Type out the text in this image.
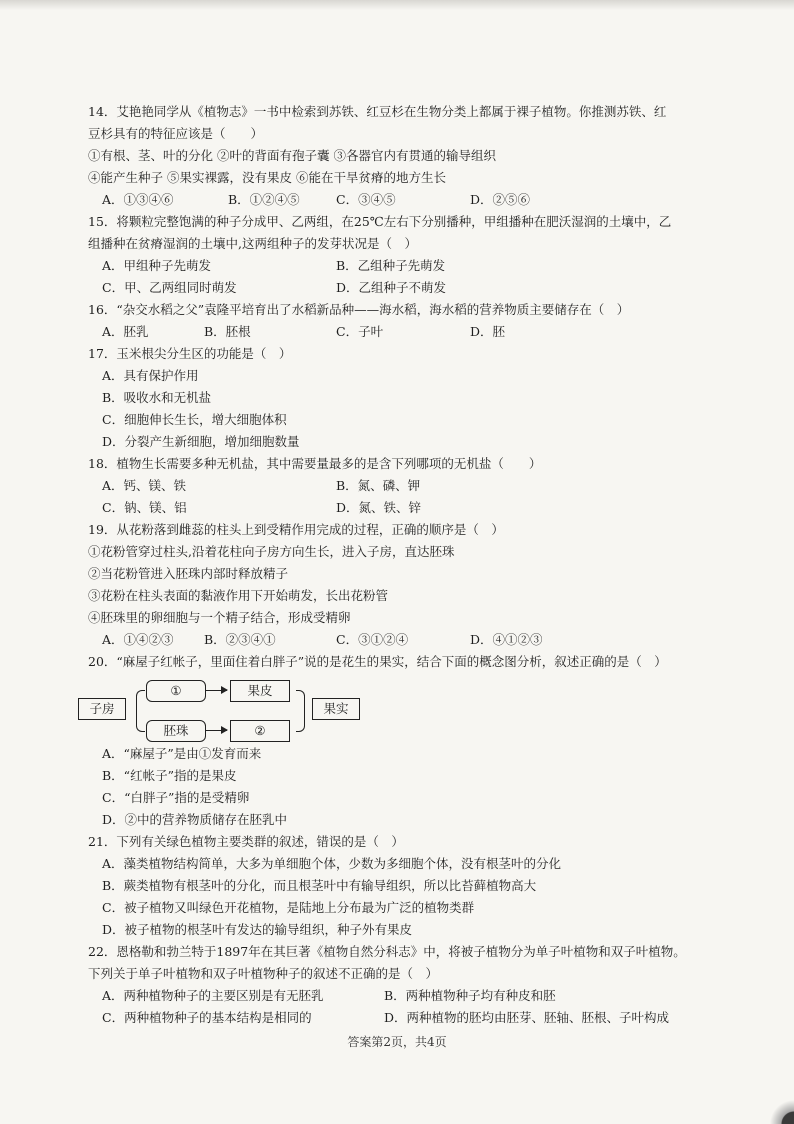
14．艾艳艳同学从《植物志》一书中检索到苏铁、红豆杉在生物分类上都属于裸子植物。你推测苏铁、红
豆杉具有的特征应该是（　　）
①有根、茎、叶的分化 ②叶的背面有孢子囊 ③各器官内有贯通的输导组织
④能产生种子 ⑤果实裸露，没有果皮 ⑥能在干旱贫瘠的地方生长
A．①③④⑥	B．①②④⑤	C．③④⑤	D．②⑤⑥
15．将颗粒完整饱满的种子分成甲、乙两组，在25℃左右下分别播种，甲组播种在肥沃湿润的土壤中，乙
组播种在贫瘠湿润的土壤中,这两组种子的发芽状况是（　）
A．甲组种子先萌发	B．乙组种子先萌发
C．甲、乙两组同时萌发	D．乙组种子不萌发
16．“杂交水稻之父”袁隆平培育出了水稻新品种——海水稻，海水稻的营养物质主要储存在（　）
A．胚乳	B．胚根	C．子叶	D．胚
17．玉米根尖分生区的功能是（　）
A．具有保护作用
B．吸收水和无机盐
C．细胞伸长生长，增大细胞体积
D．分裂产生新细胞，增加细胞数量
18．植物生长需要多种无机盐，其中需要量最多的是含下列哪项的无机盐（　　）
A．钙、镁、铁	B．氮、磷、钾
C．钠、镁、铝	D．氮、铁、锌
19．从花粉落到雌蕊的柱头上到受精作用完成的过程，正确的顺序是（　）
①花粉管穿过柱头,沿着花柱向子房方向生长，进入子房，直达胚珠
②当花粉管进入胚珠内部时释放精子
③花粉在柱头表面的黏液作用下开始萌发，长出花粉管
④胚珠里的卵细胞与一个精子结合，形成受精卵
A．①④②③ B．②③④①	C．③①②④	D．④①②③
20．“麻屋子红帐子，里面住着白胖子”说的是花生的果实，结合下面的概念图分析，叙述正确的是（　）
子房
①	果皮
胚珠	②
果实
A．“麻屋子”是由①发育而来
B．“红帐子”指的是果皮
C．“白胖子”指的是受精卵
D．②中的营养物质储存在胚乳中
21．下列有关绿色植物主要类群的叙述，错误的是（　）
A．藻类植物结构简单，大多为单细胞个体，少数为多细胞个体，没有根茎叶的分化
B．蕨类植物有根茎叶的分化，而且根茎叶中有输导组织，所以比苔藓植物高大
C．被子植物又叫绿色开花植物，是陆地上分布最为广泛的植物类群
D．被子植物的根茎叶有发达的输导组织，种子外有果皮
22．恩格勒和勃兰特于1897年在其巨著《植物自然分科志》中，将被子植物分为单子叶植物和双子叶植物。
下列关于单子叶植物和双子叶植物种子的叙述不正确的是（　）
A．两种植物种子的主要区别是有无胚乳	B．两种植物种子均有种皮和胚
C．两种植物种子的基本结构是相同的	D．两种植物的胚均由胚芽、胚轴、胚根、子叶构成
答案第2页，共4页
